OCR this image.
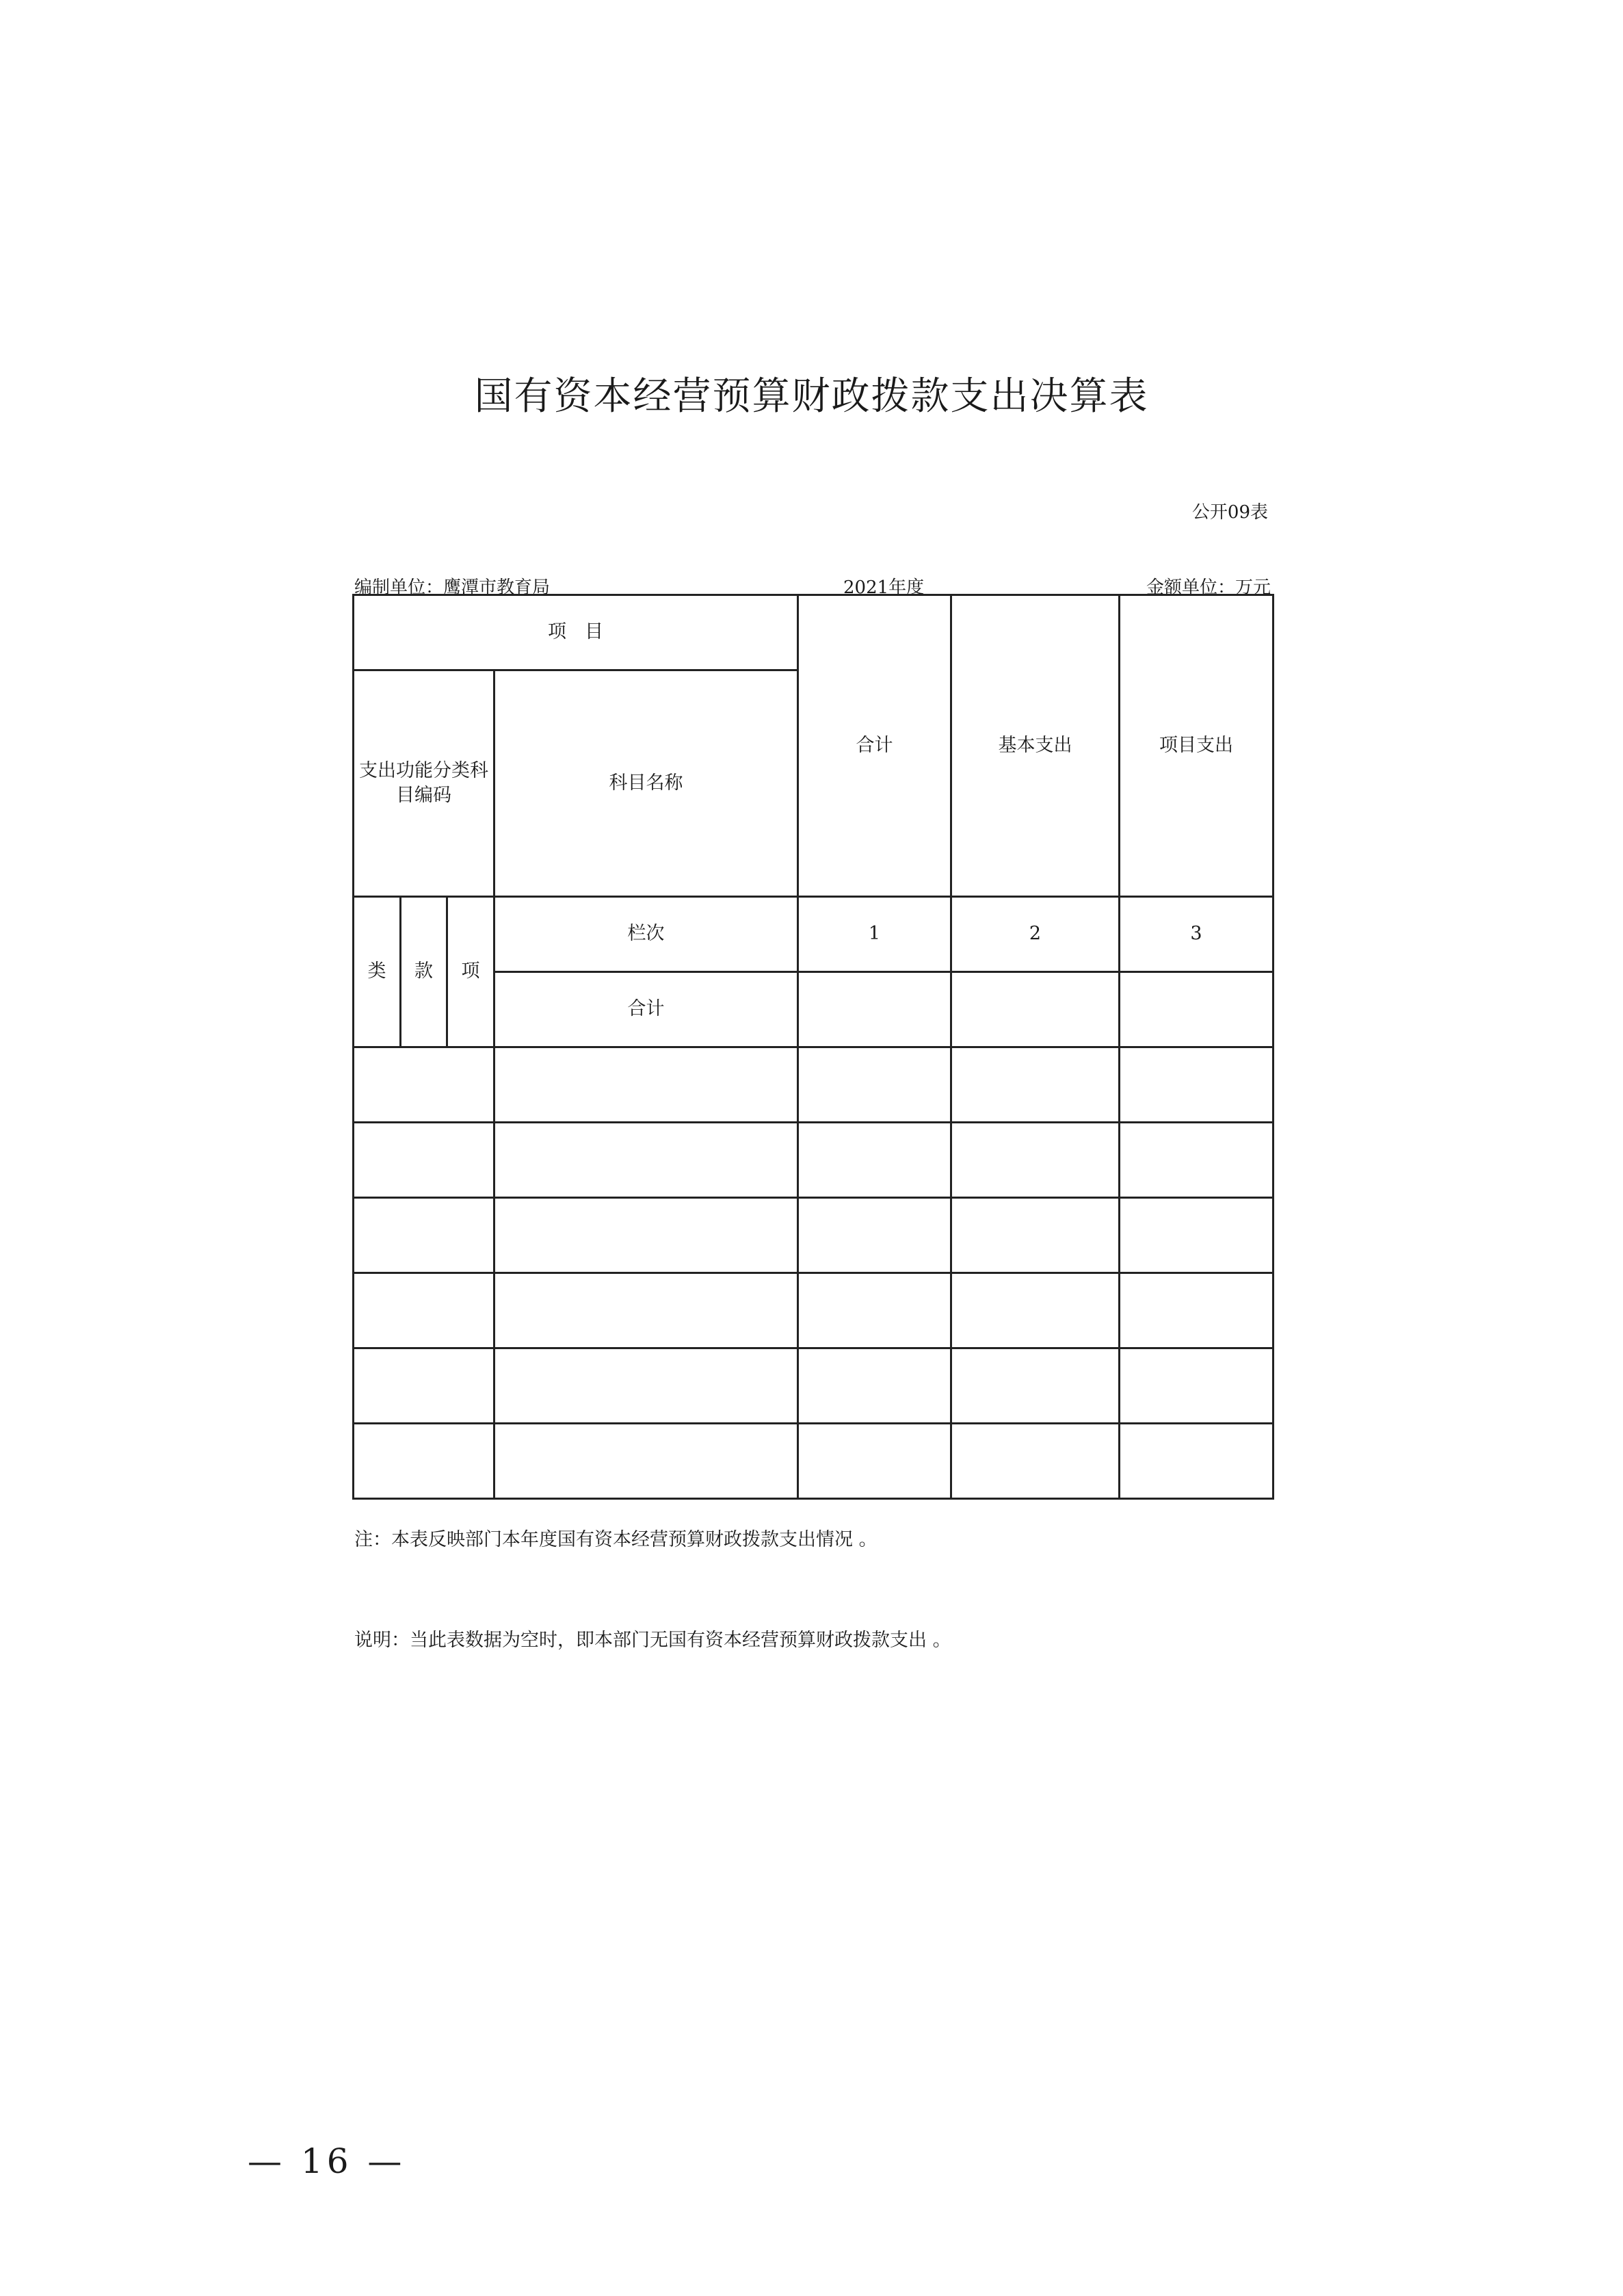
国有资本经营预算财政拨款支出决算表
公开09表
编制单位：鹰潭市教育局	2021年度	金额单位：万元
项　目				合计	基本支出	项目支出
支出功能分类科目编码			科目名称			
类	款	项	栏次	1	2	3
			合计			

注：本表反映部门本年度国有资本经营预算财政拨款支出情况 。
说明：当此表数据为空时，即本部门无国有资本经营预算财政拨款支出 。
— 16 —
